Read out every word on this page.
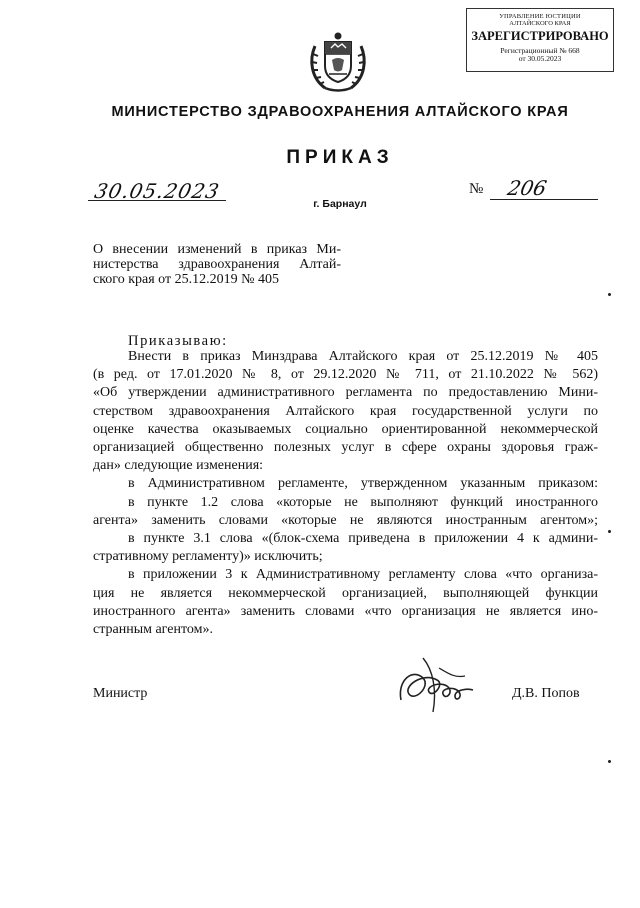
УПРАВЛЕНИЕ ЮСТИЦИИ
АЛТАЙСКОГО КРАЯ
ЗАРЕГИСТРИРОВАНО
Регистрационный № 668
от 30.05.2023
МИНИСТЕРСТВО ЗДРАВООХРАНЕНИЯ АЛТАЙСКОГО КРАЯ
ПРИКАЗ
30.05.2023
г. Барнаул
№ 206
О внесении изменений в приказ Ми-
нистерства здравоохранения Алтай-
ского края от 25.12.2019 № 405
Приказываю:
Внести в приказ Минздрава Алтайского края от 25.12.2019 № 405
(в ред. от 17.01.2020 № 8, от 29.12.2020 № 711, от 21.10.2022 № 562)
«Об утверждении административного регламента по предоставлению Мини-
стерством здравоохранения Алтайского края государственной услуги по
оценке качества оказываемых социально ориентированной некоммерческой
организацией общественно полезных услуг в сфере охраны здоровья граж-
дан» следующие изменения:
в Административном регламенте, утвержденном указанным приказом:
в пункте 1.2 слова «которые не выполняют функций иностранного
агента» заменить словами «которые не являются иностранным агентом»;
в пункте 3.1 слова «(блок-схема приведена в приложении 4 к админи-
стративному регламенту)» исключить;
в приложении 3 к Административному регламенту слова «что организа-
ция не является некоммерческой организацией, выполняющей функции
иностранного агента» заменить словами «что организация не является ино-
странным агентом».
Министр	Д.В. Попов
